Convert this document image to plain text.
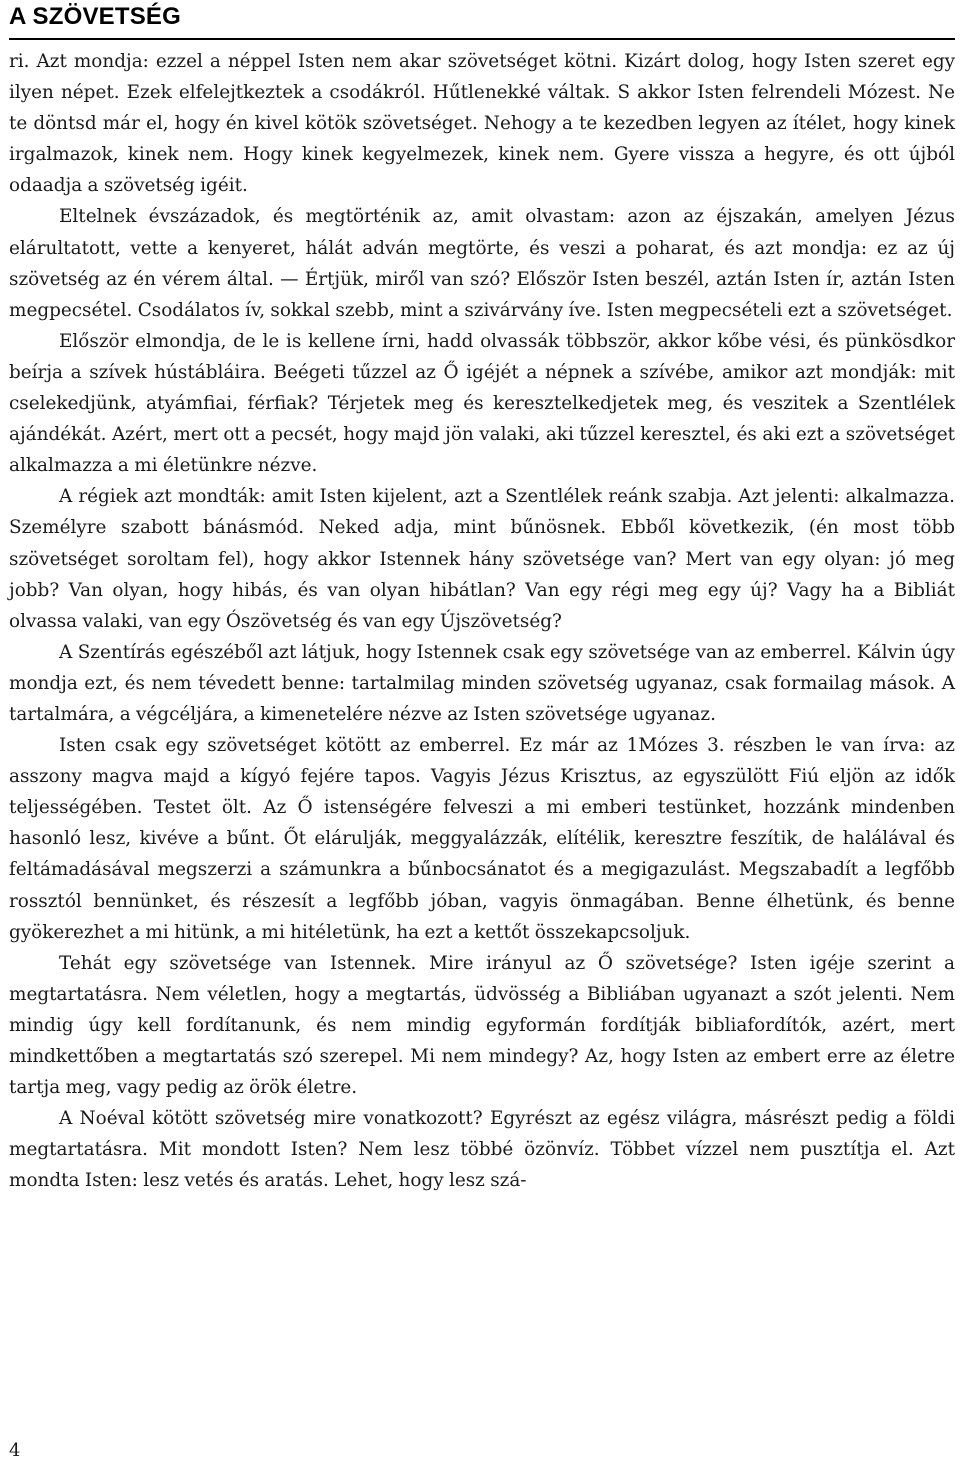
A SZÖVETSÉG

ri. Azt mondja: ezzel a néppel Isten nem akar szövetséget kötni. Kizárt dolog, hogy Isten szeret egy ilyen népet. Ezek elfelejtkeztek a csodákról. Hűtlenekké váltak. S akkor Isten felrendeli Mózest. Ne te döntsd már el, hogy én kivel kötök szövetséget. Nehogy a te kezedben legyen az ítélet, hogy kinek irgalmazok, kinek nem. Hogy kinek kegyelmezek, kinek nem. Gyere vissza a hegyre, és ott újból odaadja a szövetség igéit.

Eltelnek évszázadok, és megtörténik az, amit olvastam: azon az éjszakán, amelyen Jézus elárultatott, vette a kenyeret, hálát adván megtörte, és veszi a poharat, és azt mondja: ez az új szövetség az én vérem által. — Értjük, miről van szó? Először Isten beszél, aztán Isten ír, aztán Isten megpecsétel. Csodálatos ív, sokkal szebb, mint a szivárvány íve. Isten megpecsételi ezt a szövetséget.

Először elmondja, de le is kellene írni, hadd olvassák többször, akkor kőbe vési, és pünkösdkor beírja a szívek hústábláira. Beégeti tűzzel az Ő igéjét a népnek a szívébe, amikor azt mondják: mit cselekedjünk, atyámfiai, férfiak? Térjetek meg és keresztelkedjetek meg, és veszitek a Szentlélek ajándékát. Azért, mert ott a pecsét, hogy majd jön valaki, aki tűzzel keresztel, és aki ezt a szövetséget alkalmazza a mi életünkre nézve.

A régiek azt mondták: amit Isten kijelent, azt a Szentlélek reánk szabja. Azt jelenti: alkalmazza. Személyre szabott bánásmód. Neked adja, mint bűnösnek. Ebből következik, (én most több szövetséget soroltam fel), hogy akkor Istennek hány szövetsége van? Mert van egy olyan: jó meg jobb? Van olyan, hogy hibás, és van olyan hibátlan? Van egy régi meg egy új? Vagy ha a Bibliát olvassa valaki, van egy Ószövetség és van egy Újszövetség?

A Szentírás egészéből azt látjuk, hogy Istennek csak egy szövetsége van az emberrel. Kálvin úgy mondja ezt, és nem tévedett benne: tartalmilag minden szövetség ugyanaz, csak formailag mások. A tartalmára, a végcéljára, a kimenetelére nézve az Isten szövetsége ugyanaz.

Isten csak egy szövetséget kötött az emberrel. Ez már az 1Mózes 3. részben le van írva: az asszony magva majd a kígyó fejére tapos. Vagyis Jézus Krisztus, az egyszülött Fiú eljön az idők teljességében. Testet ölt. Az Ő istenségére felveszi a mi emberi testünket, hozzánk mindenben hasonló lesz, kivéve a bűnt. Őt elárulják, meggyalázzák, elítélik, keresztre feszítik, de halálával és feltámadásával megszerzi a számunkra a bűnbocsánatot és a megigazulást. Megszabadít a legfőbb rossztól bennünket, és részesít a legfőbb jóban, vagyis önmagában. Benne élhetünk, és benne gyökerezhet a mi hitünk, a mi hitéletünk, ha ezt a kettőt összekapcsoljuk.

Tehát egy szövetsége van Istennek. Mire irányul az Ő szövetsége? Isten igéje szerint a megtartatásra. Nem véletlen, hogy a megtartás, üdvösség a Bibliában ugyanazt a szót jelenti. Nem mindig úgy kell fordítanunk, és nem mindig egyformán fordítják bibliafordítók, azért, mert mindkettőben a megtartatás szó szerepel. Mi nem mindegy? Az, hogy Isten az embert erre az életre tartja meg, vagy pedig az örök életre.

A Noéval kötött szövetség mire vonatkozott? Egyrészt az egész világra, másrészt pedig a földi megtartatásra. Mit mondott Isten? Nem lesz többé özönvíz. Többet vízzel nem pusztítja el. Azt mondta Isten: lesz vetés és aratás. Lehet, hogy lesz szá-

4
